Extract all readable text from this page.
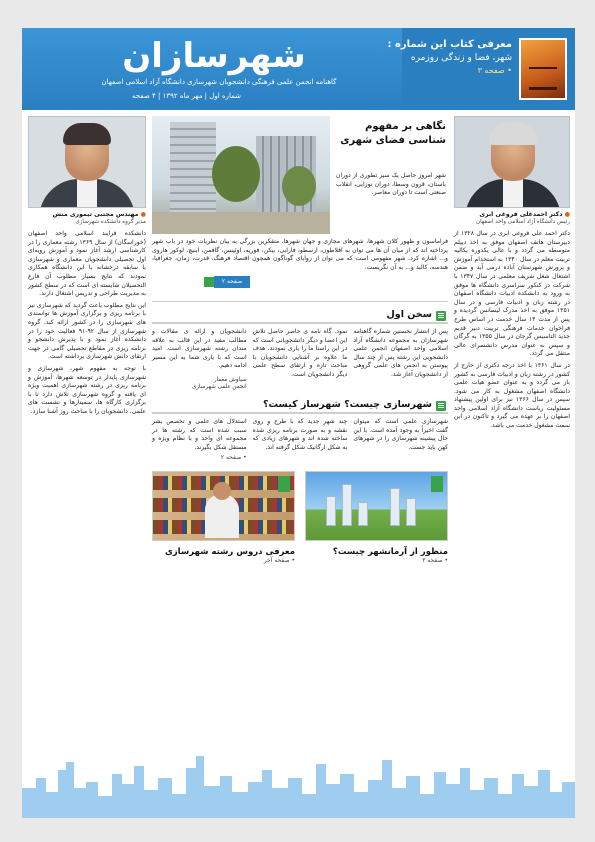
شهرسازان
گاهنامه انجمن علمی فرهنگی دانشجویان شهرسازی دانشگاه آزاد اسلامی اصفهان
شماره اول | مهر ماه ۱۳۹۲ | ۴ صفحه
معرفی کتاب این شماره :
شهر، فضا و زندگی روزمره
• صفحه ۳
● مهندس مجتبی تیموری منش
مدیر گروه دانشکده شهرسازی

دانشکده فرایند اسلامی واحد اصفهان (خوراسگان) از سال ۱۳۶۹ رشته معماری را در کارشناسی ارشد آغاز نمود و آموزش رویه‌ای اول تحصیلی دانشجویان معماری و شهرسازی با سابقه درخشانه با این دانشگاه همکاری نمودند که نتایج بسیار مطلوب آن فارغ التحصیلان شایسته ای است که در سطح کشور به مدیریت طراحی و تدریس اشتغال دارند.

این نتایج مطلوب باعث گردید که شهرسازی نیز با برنامه ریزی و برگزاری آموزش ها توانمندی های شهرسازی را در کشور ارائه کند. گروه شهرسازی از سال ۹۲-۹۱ فعالیت خود را در دانشکده آغاز نمود و با پذیرش دانشجو و برنامه ریزی در مقاطع تحصیلی گامی در جهت ارتقای دانش شهرسازی برداشته است.

با توجه به مفهوم شهر، شهرسازی و شهرسازی پایدار در توسعه شهرها، آموزش و برنامه ریزی در رشته شهرسازی اهمیت ویژه ای یافته و گروه شهرسازی تلاش دارد تا با برگزاری کارگاه ها، سمینارها و نشست های علمی، دانشجویان را با مباحث روز آشنا سازد.

نگاهی بر مفهوم شناسی فضای شهری
شهر امروز حاصل یک سیر تطوری از دوران باستان، قرون وسطا، دوران نوزایی، انقلاب صنعتی است تا دوران معاصر.
فراماسون و ظهور کلان شهرها، شهرهای مجازی و جهان شهرها. متفکرین بزرگی به بیان نظریات خود در باب شهر پرداخته اند که از میان آن ها می توان به افلاطون، ارسطو، فارابی، بیکن، فوریه، اوئینس، گافمن، ابنیچ، لوکور هاروی و... اشاره کرد. شهر مفهومی است که می توان از زوایای گوناگون همچون اقتصاد فرهنگ، قدرت، زمان، جغرافیا، هندسه، کالبد و... به آن نگریست.
صفحه ۲
سخن اول
پس از انتشار نخستین شماره گاهنامه شهرسازان به مجموعه دانشگاه آزاد اسلامی واحد اصفهان انجمن علمی دانشجویی این رشته پس از چند سال پیوستن به انجمن های علمی گروهی از دانشجویان آغاز شد.
نمود. گاه نامه ی حاضر حاصل تلاش این اعضا و دیگر دانشجویانی است که در این راستا ما را یاری نمودند. هدف ما علاوه بر آشنایی دانشجویان با مباحث تازه و ارتقای سطح علمی دیگر دانشجویان است.
دانشجویان و ارائه ی مقالات و مطالب مفید در این قالب به علاقه مندان رشته شهرسازی است. امید است که با یاری شما به این مسیر ادامه دهیم.
سیاوش معمار
انجمن علمی شهرسازی
شهرسازی چیست؟ شهرساز کیست؟
شهرسازی علمی است که میتوان گفت اخیراً به وجود آمده است. با این حال پیشینه شهرسازی را در شهرهای کهن باید جست.
چند شهر جدید که با طرح و روی نقشه و به صورت برنامه ریزی شده ساخته شده اند و شهرهای زیادی که به شکل ارگانیک شکل گرفته اند.
استدلال های علمی و تخصص بشر سبب شده است که رشته ها در مجموعه ای واحد و با نظام ویژه و مستقل شکل بگیرند.
• صفحه ۲
منظور از آرمانشهر چیست؟
• صفحه ۳
معرفی دروس رشته شهرسازی
• صفحه آخر
● دکتر احمدعلی فروغی ابری
رئیس دانشگاه آزاد اسلامی واحد اصفهان

دکتر احمد علی فروغی ابری در سال ۱۳۲۸ از دبیرستان هاتف اصفهان موفق به اخذ دیپلم متوسطه می گردد و با عالی یکدوره بکالیه تربیت معلم در سال ۱۳۴۰ به استخدام آموزش و پرورش شهرستان آباده درمی آید و ضمن اشتغال شغل شریف معلمی در سال ۱۳۴۷ با شرکت در کنکور سراسری دانشگاه ها موفق به ورود به دانشکده ادبیات دانشگاه اصفهان در رشته زبان و ادبیات فارسی و در سال ۱۳۵۱ موفق به اخذ مدرک لیسانس گردیده و پس از مدت ۱۴ سال خدمت در اساس طرح فراخوان خدمات فرهنگی تربیت دبیر قدیم جدید التاسیس گرجان در سال ۱۳۵۵ به گرگان و سپس به عنوان مدرس دانشسرای عالی منتقل می گردد.

در سال ۱۳۶۱ با اخذ درجه دکتری از خارج از کشور در رشته زبان و ادبیات فارسی به کشور باز می گردد و به عنوان عضو هیات علمی دانشگاه اصفهان مشغول به کار می شود. سپس در سال ۱۳۶۶ نیز برای اولین پیشنهاد مسئولیت ریاست دانشگاه آزاد اسلامی واحد اصفهان را بر عهده می گیرد و تاکنون در این سمت مشغول خدمت می باشد.
